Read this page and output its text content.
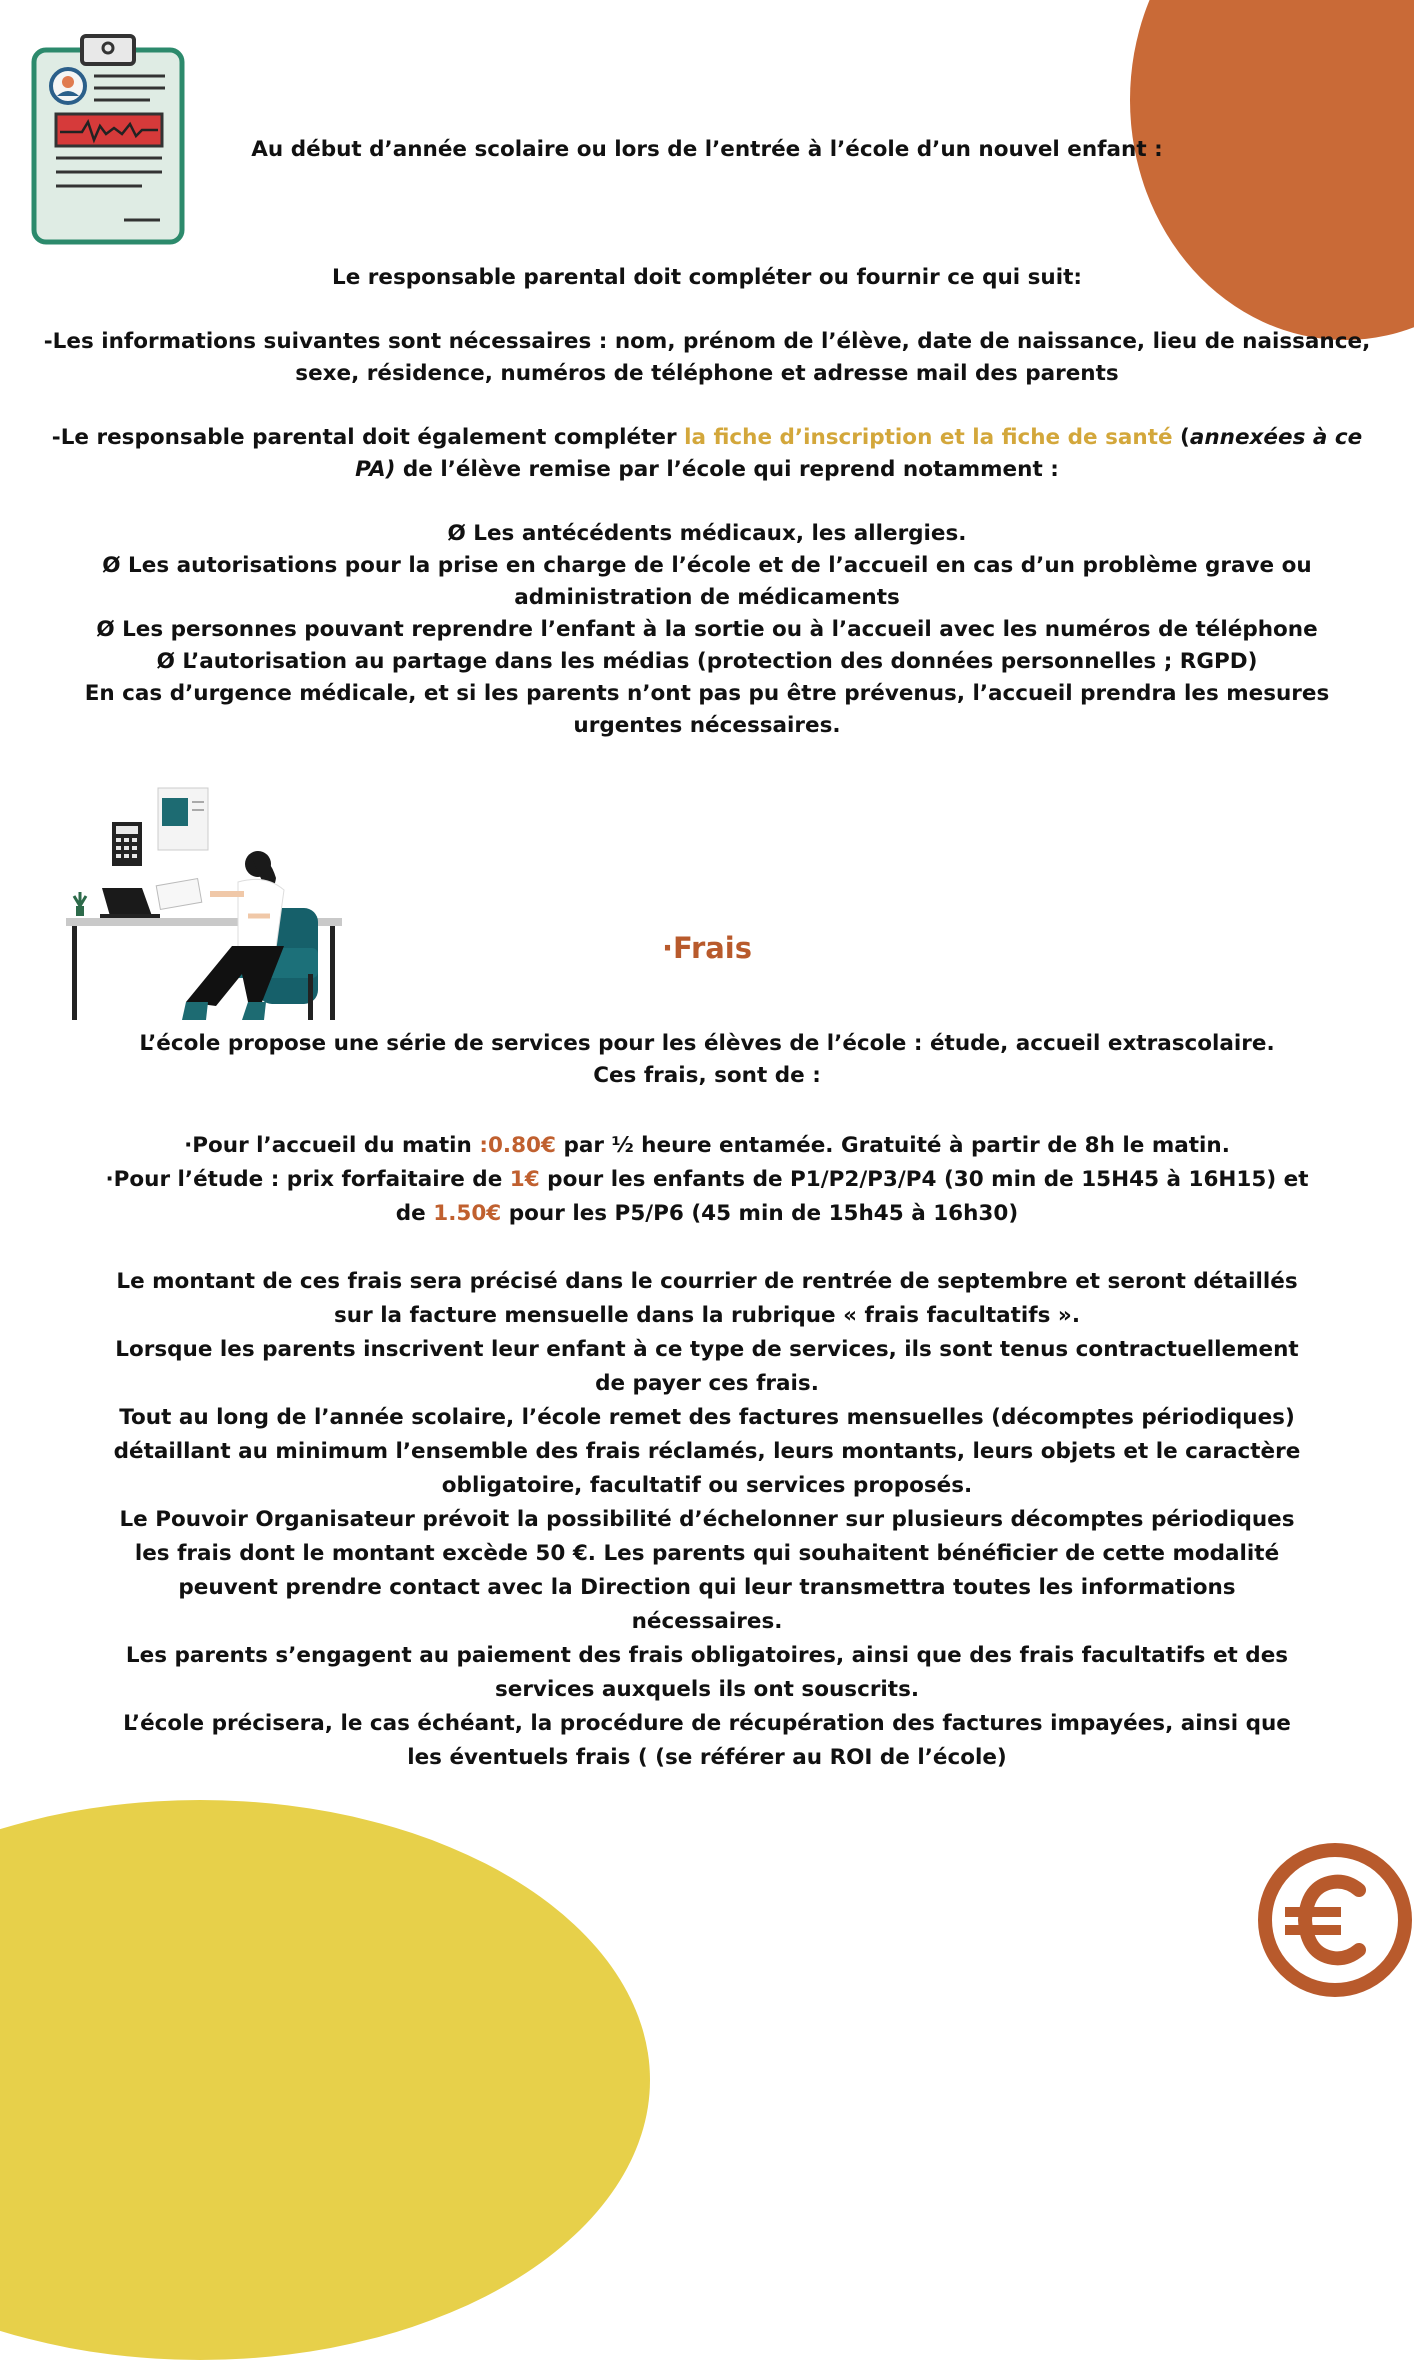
Au début d’année scolaire ou lors de l’entrée à l’école d’un nouvel enfant :
Le responsable parental doit compléter ou fournir ce qui suit:
-Les informations suivantes sont nécessaires : nom, prénom de l’élève, date de naissance, lieu de naissance,
sexe, résidence, numéros de téléphone et adresse mail des parents
-Le responsable parental doit également compléter la fiche d’inscription et la fiche de santé (annexées à ce
PA) de l’élève remise par l’école qui reprend notamment :
Ø Les antécédents médicaux, les allergies.
Ø Les autorisations pour la prise en charge de l’école et de l’accueil en cas d’un problème grave ou
administration de médicaments
Ø Les personnes pouvant reprendre l’enfant à la sortie ou à l’accueil avec les numéros de téléphone
Ø L’autorisation au partage dans les médias (protection des données personnelles ; RGPD)
En cas d’urgence médicale, et si les parents n’ont pas pu être prévenus, l’accueil prendra les mesures
urgentes nécessaires.
·Frais
L’école propose une série de services pour les élèves de l’école : étude, accueil extrascolaire.
Ces frais, sont de :
·Pour l’accueil du matin :0.80€ par ½ heure entamée. Gratuité à partir de 8h le matin.
·Pour l’étude : prix forfaitaire de 1€ pour les enfants de P1/P2/P3/P4 (30 min de 15H45 à 16H15) et
de 1.50€ pour les P5/P6 (45 min de 15h45 à 16h30)
Le montant de ces frais sera précisé dans le courrier de rentrée de septembre et seront détaillés
sur la facture mensuelle dans la rubrique « frais facultatifs ».
Lorsque les parents inscrivent leur enfant à ce type de services, ils sont tenus contractuellement
de payer ces frais.
Tout au long de l’année scolaire, l’école remet des factures mensuelles (décomptes périodiques)
détaillant au minimum l’ensemble des frais réclamés, leurs montants, leurs objets et le caractère
obligatoire, facultatif ou services proposés.
Le Pouvoir Organisateur prévoit la possibilité d’échelonner sur plusieurs décomptes périodiques
les frais dont le montant excède 50 €. Les parents qui souhaitent bénéficier de cette modalité
peuvent prendre contact avec la Direction qui leur transmettra toutes les informations
nécessaires.
Les parents s’engagent au paiement des frais obligatoires, ainsi que des frais facultatifs et des
services auxquels ils ont souscrits.
L’école précisera, le cas échéant, la procédure de récupération des factures impayées, ainsi que
les éventuels frais ( (se référer au ROI de l’école)
